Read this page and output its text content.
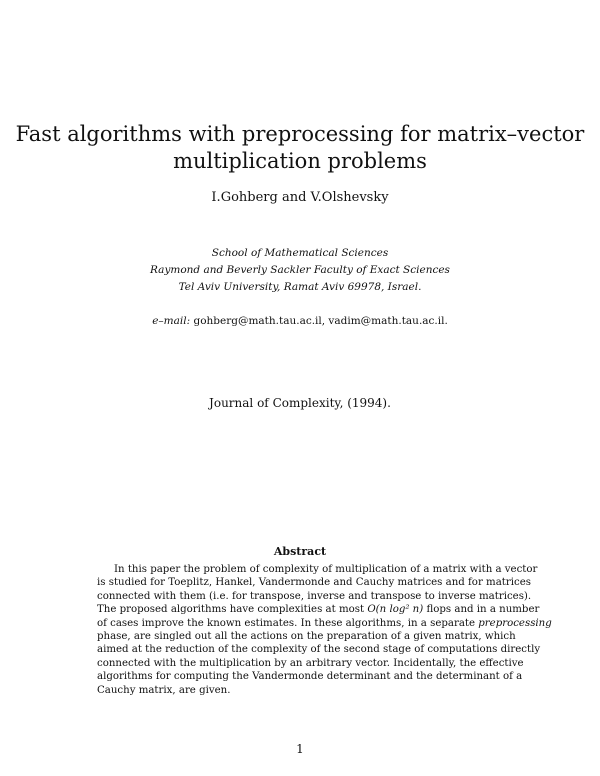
Fast algorithms with preprocessing for matrix–vector
multiplication problems
I.Gohberg and V.Olshevsky
School of Mathematical Sciences
Raymond and Beverly Sackler Faculty of Exact Sciences
Tel Aviv University, Ramat Aviv 69978, Israel.
e–mail: gohberg@math.tau.ac.il, vadim@math.tau.ac.il.
Journal of Complexity, (1994).
Abstract
In this paper the problem of complexity of multiplication of a matrix with a vector
is studied for Toeplitz, Hankel, Vandermonde and Cauchy matrices and for matrices
connected with them (i.e. for transpose, inverse and transpose to inverse matrices).
The proposed algorithms have complexities at most O(n log² n) flops and in a number
of cases improve the known estimates. In these algorithms, in a separate preprocessing
phase, are singled out all the actions on the preparation of a given matrix, which
aimed at the reduction of the complexity of the second stage of computations directly
connected with the multiplication by an arbitrary vector. Incidentally, the effective
algorithms for computing the Vandermonde determinant and the determinant of a
Cauchy matrix, are given.
1
